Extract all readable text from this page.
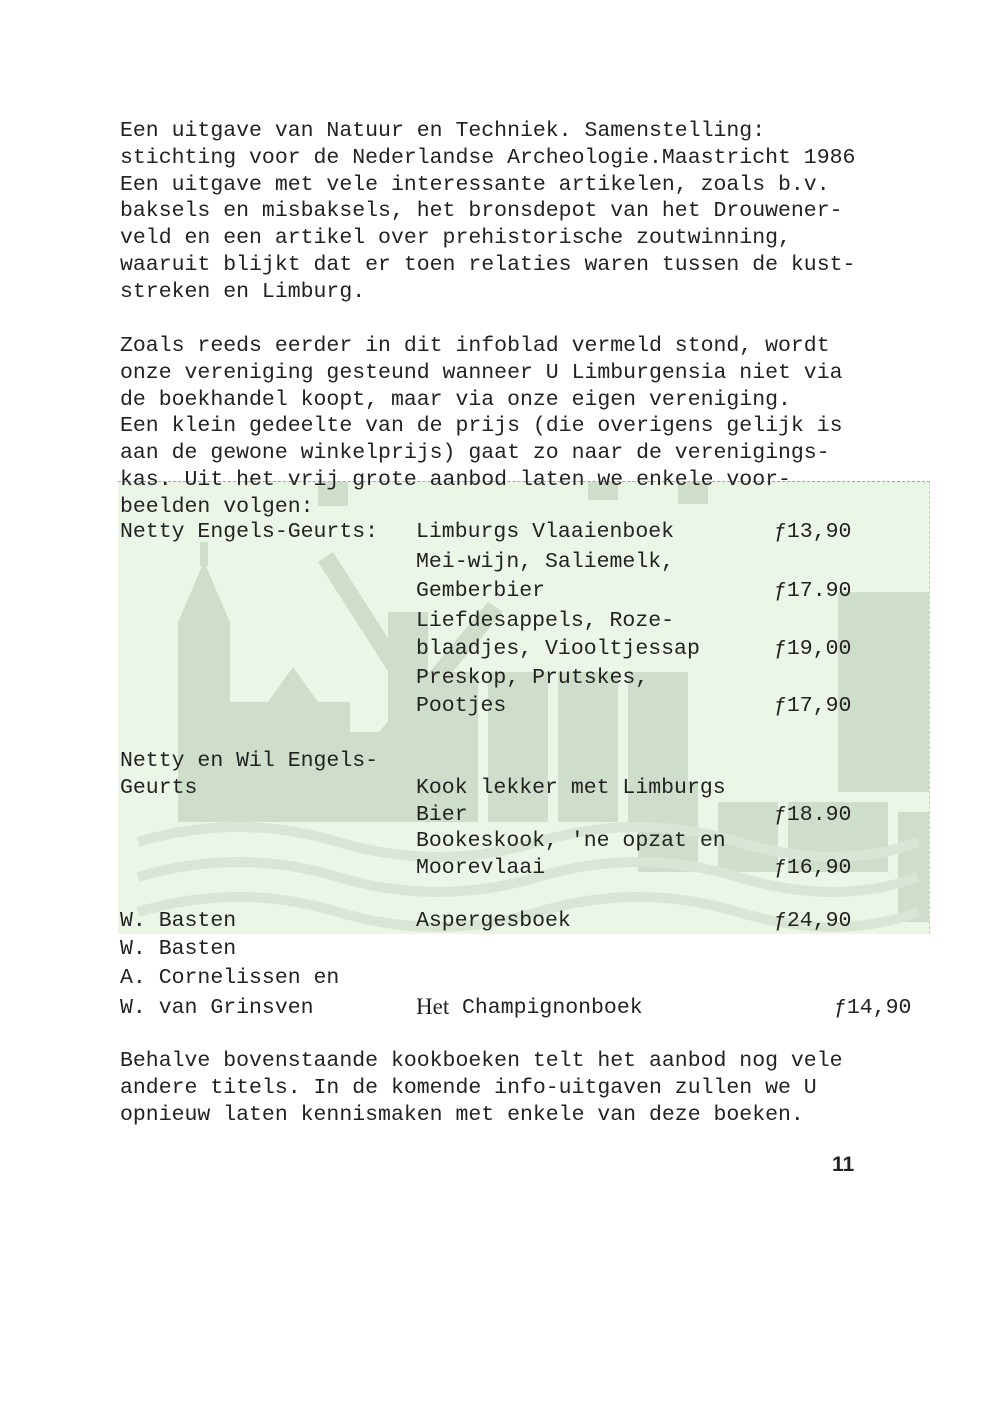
Een uitgave van Natuur en Techniek. Samenstelling:
stichting voor de Nederlandse Archeologie.Maastricht 1986
Een uitgave met vele interessante artikelen, zoals b.v.
baksels en misbaksels, het bronsdepot van het Drouwener-
veld en een artikel over prehistorische zoutwinning,
waaruit blijkt dat er toen relaties waren tussen de kust-
streken en Limburg.

Zoals reeds eerder in dit infoblad vermeld stond, wordt
onze vereniging gesteund wanneer U Limburgensia niet via
de boekhandel koopt, maar via onze eigen vereniging.
Een klein gedeelte van de prijs (die overigens gelijk is
aan de gewone winkelprijs) gaat zo naar de verenigings-
kas. Uit het vrij grote aanbod laten we enkele voor-
beelden volgen:

Netty Engels-Geurts: Limburgs Vlaaienboek	ƒ13,90
Mei-wijn, Saliemelk,
Gemberbier	ƒ17.90
Liefdesappels, Roze-
blaadjes, Viooltjessap	ƒ19,00
Preskop, Prutskes,
Pootjes	ƒ17,90
Netty en Wil Engels-
Geurts	Kook lekker met Limburgs
Bier	ƒ18.90
Bookeskook, 'ne opzat en
Moorevlaai	ƒ16,90
W. Basten	Aspergesboek	ƒ24,90
W. Basten
A. Cornelissen en
W. van Grinsven	Het Champignonboek	ƒ14,90

Behalve bovenstaande kookboeken telt het aanbod nog vele
andere titels. In de komende info-uitgaven zullen we U
opnieuw laten kennismaken met enkele van deze boeken.

11
